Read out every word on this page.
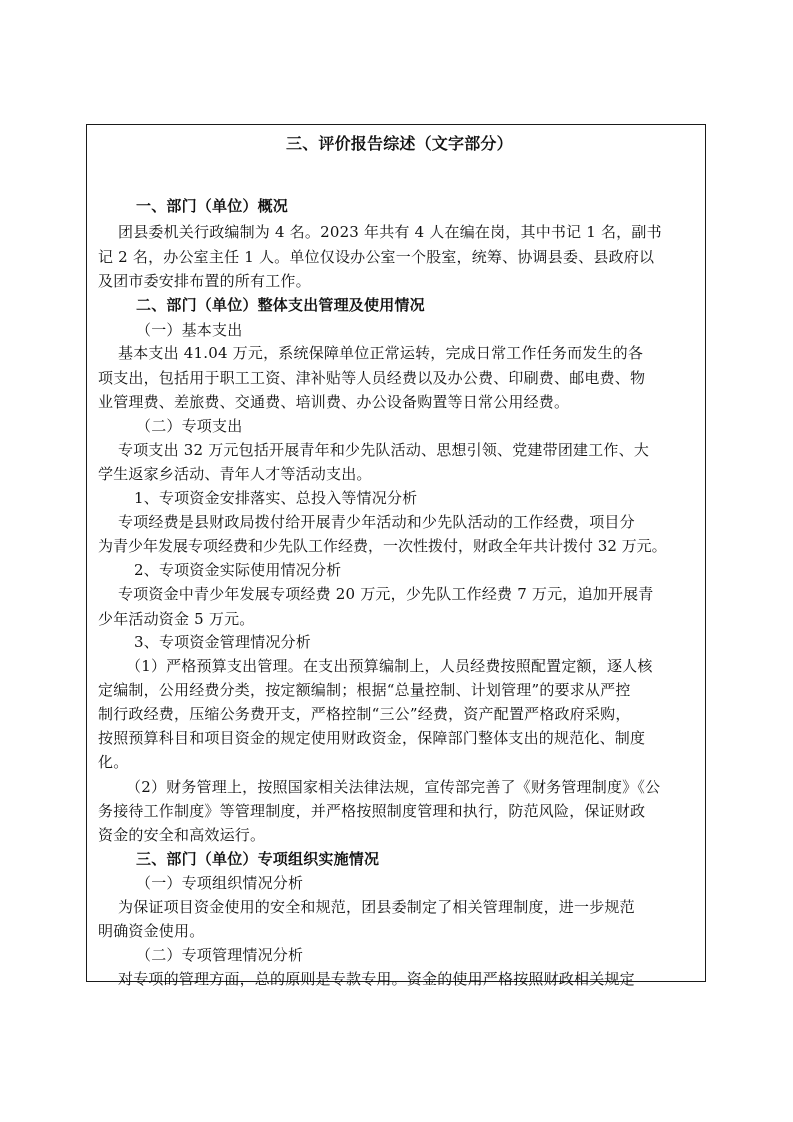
三、评价报告综述（文字部分）
一、部门（单位）概况
团县委机关行政编制为 4 名。2023 年共有 4 人在编在岗，其中书记 1 名，副书
记 2 名，办公室主任 1 人。单位仅设办公室一个股室，统筹、协调县委、县政府以
及团市委安排布置的所有工作。
二、部门（单位）整体支出管理及使用情况
（一）基本支出
基本支出 41.04 万元，系统保障单位正常运转，完成日常工作任务而发生的各
项支出，包括用于职工工资、津补贴等人员经费以及办公费、印刷费、邮电费、物
业管理费、差旅费、交通费、培训费、办公设备购置等日常公用经费。
（二）专项支出
专项支出 32 万元包括开展青年和少先队活动、思想引领、党建带团建工作、大
学生返家乡活动、青年人才等活动支出。
1、专项资金安排落实、总投入等情况分析
专项经费是县财政局拨付给开展青少年活动和少先队活动的工作经费，项目分
为青少年发展专项经费和少先队工作经费，一次性拨付，财政全年共计拨付 32 万元。
2、专项资金实际使用情况分析
专项资金中青少年发展专项经费 20 万元，少先队工作经费 7 万元，追加开展青
少年活动资金 5 万元。
3、专项资金管理情况分析
（1）严格预算支出管理。在支出预算编制上，人员经费按照配置定额，逐人核
定编制，公用经费分类，按定额编制；根据“总量控制、计划管理”的要求从严控
制行政经费，压缩公务费开支，严格控制“三公”经费，资产配置严格政府采购，
按照预算科目和项目资金的规定使用财政资金，保障部门整体支出的规范化、制度
化。
（2）财务管理上，按照国家相关法律法规，宣传部完善了《财务管理制度》《公
务接待工作制度》等管理制度，并严格按照制度管理和执行，防范风险，保证财政
资金的安全和高效运行。
三、部门（单位）专项组织实施情况
（一）专项组织情况分析
为保证项目资金使用的安全和规范，团县委制定了相关管理制度，进一步规范
明确资金使用。
（二）专项管理情况分析
对专项的管理方面，总的原则是专款专用。资金的使用严格按照财政相关规定
